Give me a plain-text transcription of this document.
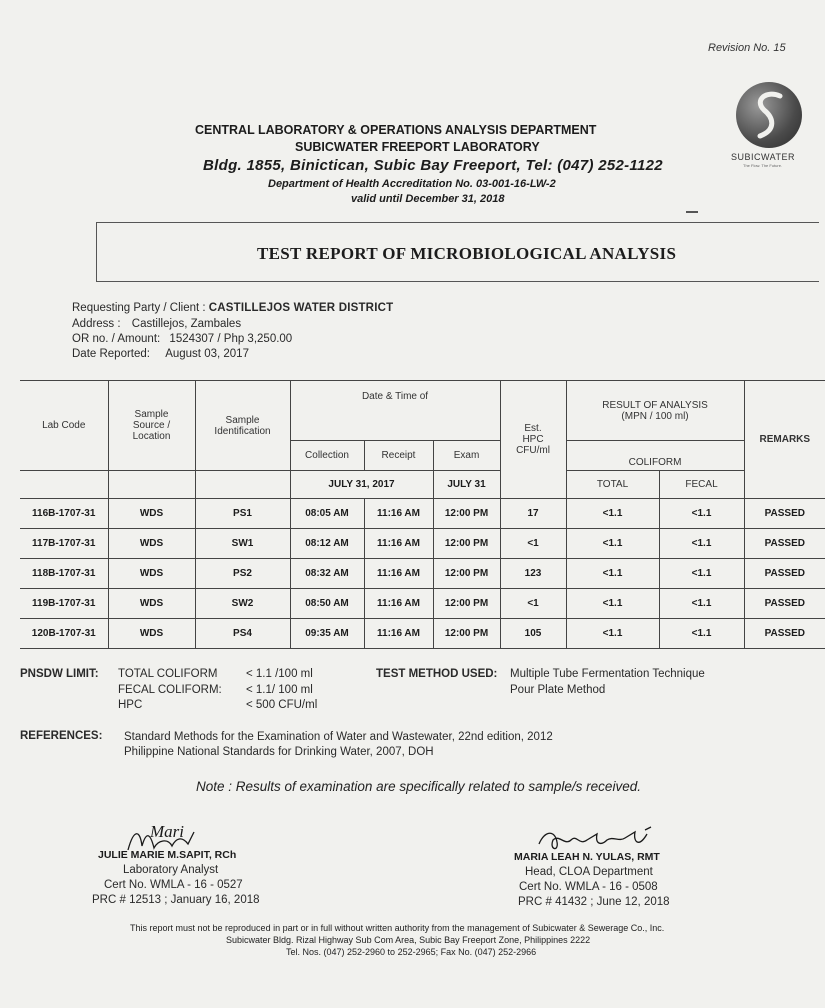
Revision No. 15
SUBICWATER
The Flow. The Future.
CENTRAL LABORATORY & OPERATIONS ANALYSIS DEPARTMENT
SUBICWATER FREEPORT LABORATORY
Bldg. 1855, Binictican, Subic Bay Freeport, Tel: (047) 252-1122
Department of Health Accreditation No. 03-001-16-LW-2
valid until December 31, 2018
TEST REPORT OF MICROBIOLOGICAL ANALYSIS
Requesting Party / Client : CASTILLEJOS WATER DISTRICT
Address : Castillejos, Zambales
OR no. / Amount: 1524307 / Php 3,250.00
Date Reported: August 03, 2017
Lab Code	Sample Source / Location	Sample Identification	Date & Time of			Est. HPC CFU/ml	RESULT OF ANALYSIS (MPN / 100 ml)		REMARKS
			Collection	Receipt	Exam		COLIFORM		
			JULY 31, 2017		JULY 31		TOTAL	FECAL	
116B-1707-31	WDS	PS1	08:05 AM	11:16 AM	12:00 PM	17	<1.1	<1.1	PASSED
117B-1707-31	WDS	SW1	08:12 AM	11:16 AM	12:00 PM	<1	<1.1	<1.1	PASSED
118B-1707-31	WDS	PS2	08:32 AM	11:16 AM	12:00 PM	123	<1.1	<1.1	PASSED
119B-1707-31	WDS	SW2	08:50 AM	11:16 AM	12:00 PM	<1	<1.1	<1.1	PASSED
120B-1707-31	WDS	PS4	09:35 AM	11:16 AM	12:00 PM	105	<1.1	<1.1	PASSED
PNSDW LIMIT: TOTAL COLIFORM < 1.1 /100 ml
FECAL COLIFORM: < 1.1/ 100 ml
HPC	< 500 CFU/ml
TEST METHOD USED: Multiple Tube Fermentation Technique
Pour Plate Method
REFERENCES: Standard Methods for the Examination of Water and Wastewater, 22nd edition, 2012
Philippine National Standards for Drinking Water, 2007, DOH
Note : Results of examination are specifically related to sample/s received.
Mari
JULIE MARIE M.SAPIT, RCh
Laboratory Analyst
Cert No. WMLA - 16 - 0527
PRC # 12513 ; January 16, 2018
MARIA LEAH N. YULAS, RMT
Head, CLOA Department
Cert No. WMLA - 16 - 0508
PRC # 41432 ; June 12, 2018
This report must not be reproduced in part or in full without written authority from the management of Subicwater & Sewerage Co., Inc.
Subicwater Bldg. Rizal Highway Sub Com Area, Subic Bay Freeport Zone, Philippines 2222
Tel. Nos. (047) 252-2960 to 252-2965; Fax No. (047) 252-2966
